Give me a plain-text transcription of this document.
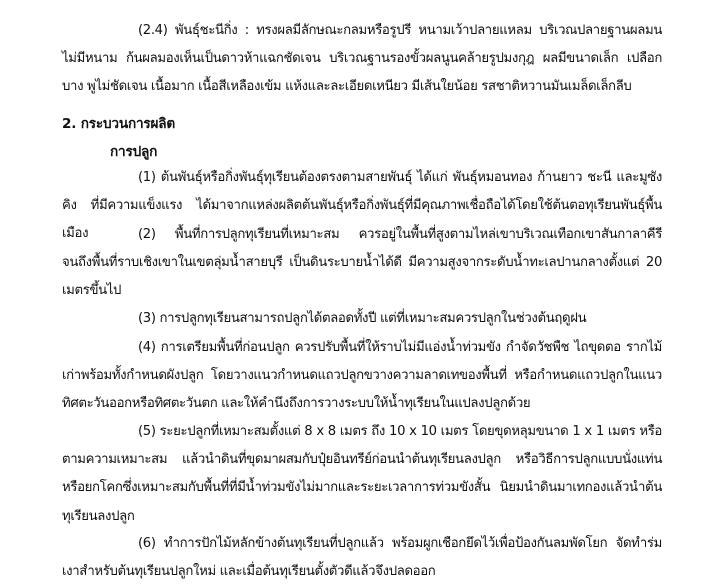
(2.4) พันธุ์ชะนีกิ่ง : ทรงผลมีลักษณะกลมหรือรูปรี หนามเว้าปลายแหลม บริเวณปลายฐานผลมนไม่มีหนาม ก้นผลมองเห็นเป็นดาวห้าแฉกชัดเจน บริเวณฐานรองขั้วผลนูนคล้ายรูปมงกุฎ ผลมีขนาดเล็ก เปลือกบาง พูไม่ชัดเจน เนื้อมาก เนื้อสีเหลืองเข้ม แห้งและละเอียดเหนียว มีเส้นใยน้อย รสชาติหวานมันเมล็ดเล็กลีบ

2. กระบวนการผลิต

การปลูก

(1) ต้นพันธุ์หรือกิ่งพันธุ์ทุเรียนต้องตรงตามสายพันธุ์ ได้แก่ พันธุ์หมอนทอง ก้านยาว ชะนี และมูซังคิง ที่มีความแข็งแรง ได้มาจากแหล่งผลิตต้นพันธุ์หรือกิ่งพันธุ์ที่มีคุณภาพเชื่อถือได้โดยใช้ต้นตอทุเรียนพันธุ์พื้นเมือง	(2) พื้นที่การปลูกทุเรียนที่เหมาะสม ควรอยู่ในพื้นที่สูงตามไหล่เขาบริเวณเทือกเขาสันกาลาคีรี จนถึงพื้นที่ราบเชิงเขาในเขตลุ่มน้ำสายบุรี เป็นดินระบายน้ำได้ดี มีความสูงจากระดับน้ำทะเลปานกลางตั้งแต่ 20 เมตรขึ้นไป

(3) การปลูกทุเรียนสามารถปลูกได้ตลอดทั้งปี แต่ที่เหมาะสมควรปลูกในช่วงต้นฤดูฝน

(4) การเตรียมพื้นที่ก่อนปลูก ควรปรับพื้นที่ให้ราบไม่มีแอ่งน้ำท่วมขัง กำจัดวัชพืช ไถขุดตอ รากไม้เก่าพร้อมทั้งกำหนดผังปลูก โดยวางแนวกำหนดแถวปลูกขวางความลาดเทของพื้นที่ หรือกำหนดแถวปลูกในแนวทิศตะวันออกหรือทิศตะวันตก และให้คำนึงถึงการวางระบบให้น้ำทุเรียนในแปลงปลูกด้วย

(5) ระยะปลูกที่เหมาะสมตั้งแต่ 8 x 8 เมตร ถึง 10 x 10 เมตร โดยขุดหลุมขนาด 1 x 1 เมตร หรือตามความเหมาะสม แล้วนำดินที่ขุดมาผสมกับปุ๋ยอินทรีย์ก่อนนำต้นทุเรียนลงปลูก หรือวิธีการปลูกแบบนั่งแท่นหรือยกโคกซึ่งเหมาะสมกับพื้นที่ที่มีน้ำท่วมขังไม่มากและระยะเวลาการท่วมขังสั้น นิยมนำดินมาเทกองแล้วนำต้นทุเรียนลงปลูก

(6) ทำการปักไม้หลักข้างต้นทุเรียนที่ปลูกแล้ว พร้อมผูกเชือกยึดไว้เพื่อป้องกันลมพัดโยก จัดทำร่มเงาสำหรับต้นทุเรียนปลูกใหม่ และเมื่อต้นทุเรียนตั้งตัวดีแล้วจึงปลดออก
